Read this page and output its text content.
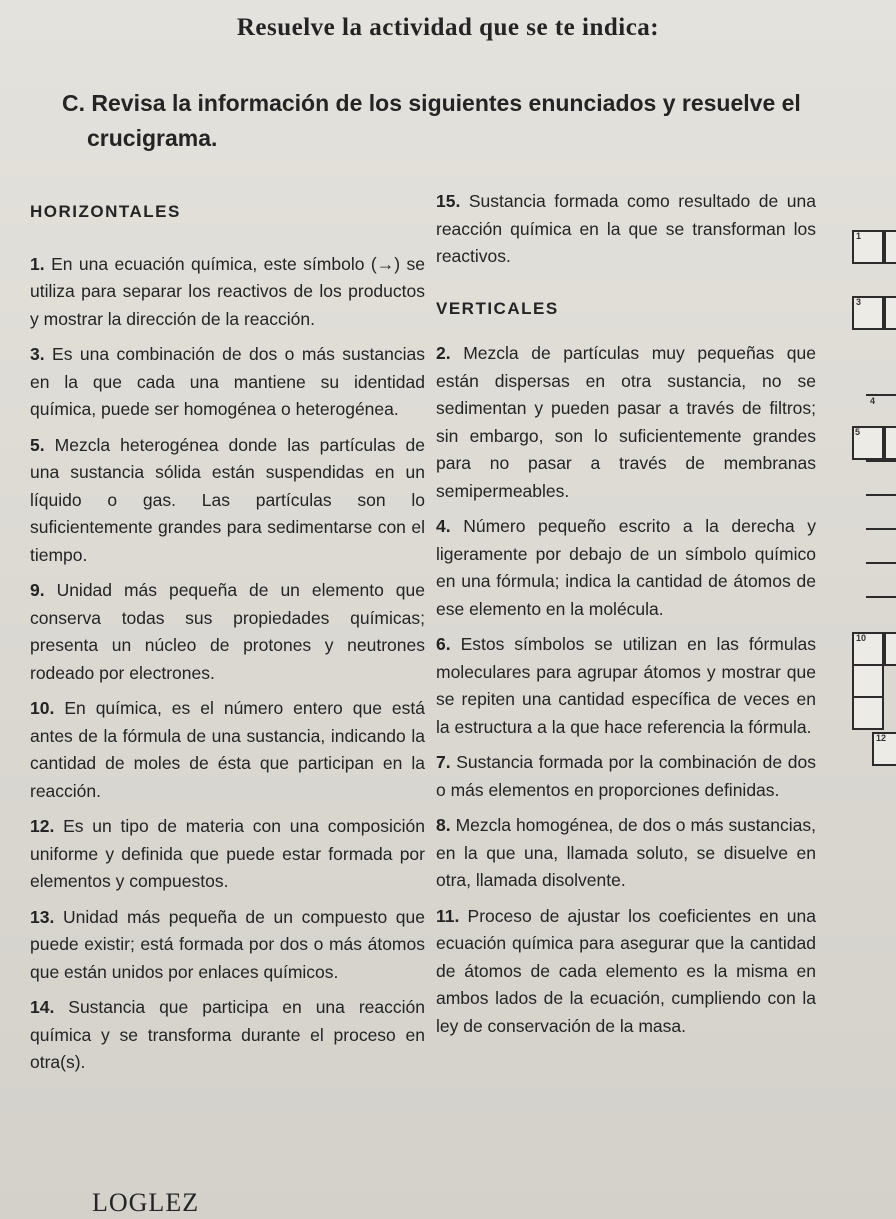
Resuelve la actividad que se te indica:
C. Revisa la información de los siguientes enunciados y resuelve el
crucigrama.
HORIZONTALES

1. En una ecuación química, este símbolo (→) se utiliza para separar los reactivos de los productos y mostrar la dirección de la reacción.

3. Es una combinación de dos o más sustancias en la que cada una mantiene su identidad química, puede ser homogénea o heterogénea.

5. Mezcla heterogénea donde las partículas de una sustancia sólida están suspendidas en un líquido o gas. Las partículas son lo suficientemente grandes para sedimentarse con el tiempo.

9. Unidad más pequeña de un elemento que conserva todas sus propiedades químicas; presenta un núcleo de protones y neutrones rodeado por electrones.

10. En química, es el número entero que está antes de la fórmula de una sustancia, indicando la cantidad de moles de ésta que participan en la reacción.

12. Es un tipo de materia con una composición uniforme y definida que puede estar formada por elementos y compuestos.

13. Unidad más pequeña de un compuesto que puede existir; está formada por dos o más átomos que están unidos por enlaces químicos.

14. Sustancia que participa en una reacción química y se transforma durante el proceso en otra(s).

15. Sustancia formada como resultado de una reacción química en la que se transforman los reactivos.

VERTICALES

2. Mezcla de partículas muy pequeñas que están dispersas en otra sustancia, no se sedimentan y pueden pasar a través de filtros; sin embargo, son lo suficientemente grandes para no pasar a través de membranas semipermeables.

4. Número pequeño escrito a la derecha y ligeramente por debajo de un símbolo químico en una fórmula; indica la cantidad de átomos de ese elemento en la molécula.

6. Estos símbolos se utilizan en las fórmulas moleculares para agrupar átomos y mostrar que se repiten una cantidad específica de veces en la estructura a la que hace referencia la fórmula.

7. Sustancia formada por la combinación de dos o más elementos en proporciones definidas.

8. Mezcla homogénea, de dos o más sustancias, en la que una, llamada soluto, se disuelve en otra, llamada disolvente.

11. Proceso de ajustar los coeficientes en una ecuación química para asegurar que la cantidad de átomos de cada elemento es la misma en ambos lados de la ecuación, cumpliendo con la ley de conservación de la masa.

1
3
4
5
10
12
LOGLEZ
